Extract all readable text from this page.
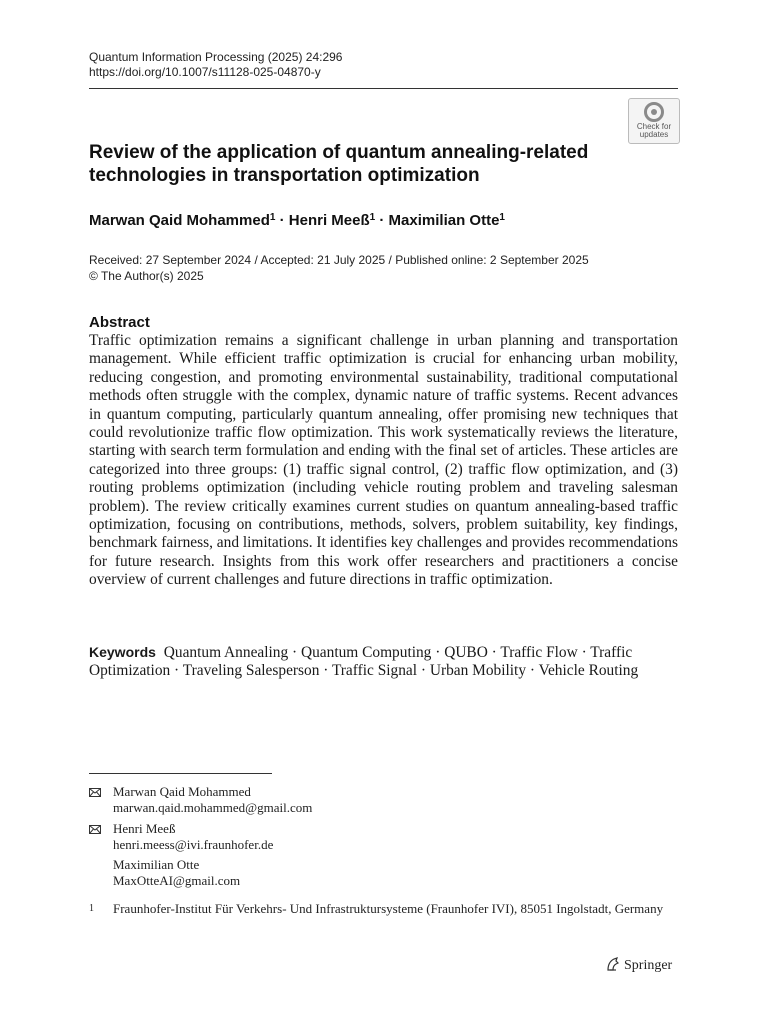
Quantum Information Processing (2025) 24:296
https://doi.org/10.1007/s11128-025-04870-y
Check for
updates
Review of the application of quantum annealing-related technologies in transportation optimization
Marwan Qaid Mohammed$^1$ · Henri Meeß$^1$ · Maximilian Otte$^1$
Received: 27 September 2024 / Accepted: 21 July 2025 / Published online: 2 September 2025
© The Author(s) 2025
Abstract

Traffic optimization remains a significant challenge in urban planning and transportation management. While efficient traffic optimization is crucial for enhancing urban mobility, reducing congestion, and promoting environmental sustainability, traditional computational methods often struggle with the complex, dynamic nature of traffic systems. Recent advances in quantum computing, particularly quantum annealing, offer promising new techniques that could revolutionize traffic flow optimization. This work systematically reviews the literature, starting with search term formulation and ending with the final set of articles. These articles are categorized into three groups: (1) traffic signal control, (2) traffic flow optimization, and (3) routing problems optimization (including vehicle routing problem and traveling salesman problem). The review critically examines current studies on quantum annealing-based traffic optimization, focusing on contributions, methods, solvers, problem suitability, key findings, benchmark fairness, and limitations. It identifies key challenges and provides recommendations for future research. Insights from this work offer researchers and practitioners a concise overview of current challenges and future directions in traffic optimization.

Keywords Quantum Annealing · Quantum Computing · QUBO · Traffic Flow · Traffic Optimization · Traveling Salesperson · Traffic Signal · Urban Mobility · Vehicle Routing
Marwan Qaid Mohammed
marwan.qaid.mohammed@gmail.com
Henri Meeß
henri.meess@ivi.fraunhofer.de
Maximilian Otte
MaxOtteAI@gmail.com
1 Fraunhofer-Institut Für Verkehrs- Und Infrastruktursysteme (Fraunhofer IVI), 85051 Ingolstadt, Germany
Springer
